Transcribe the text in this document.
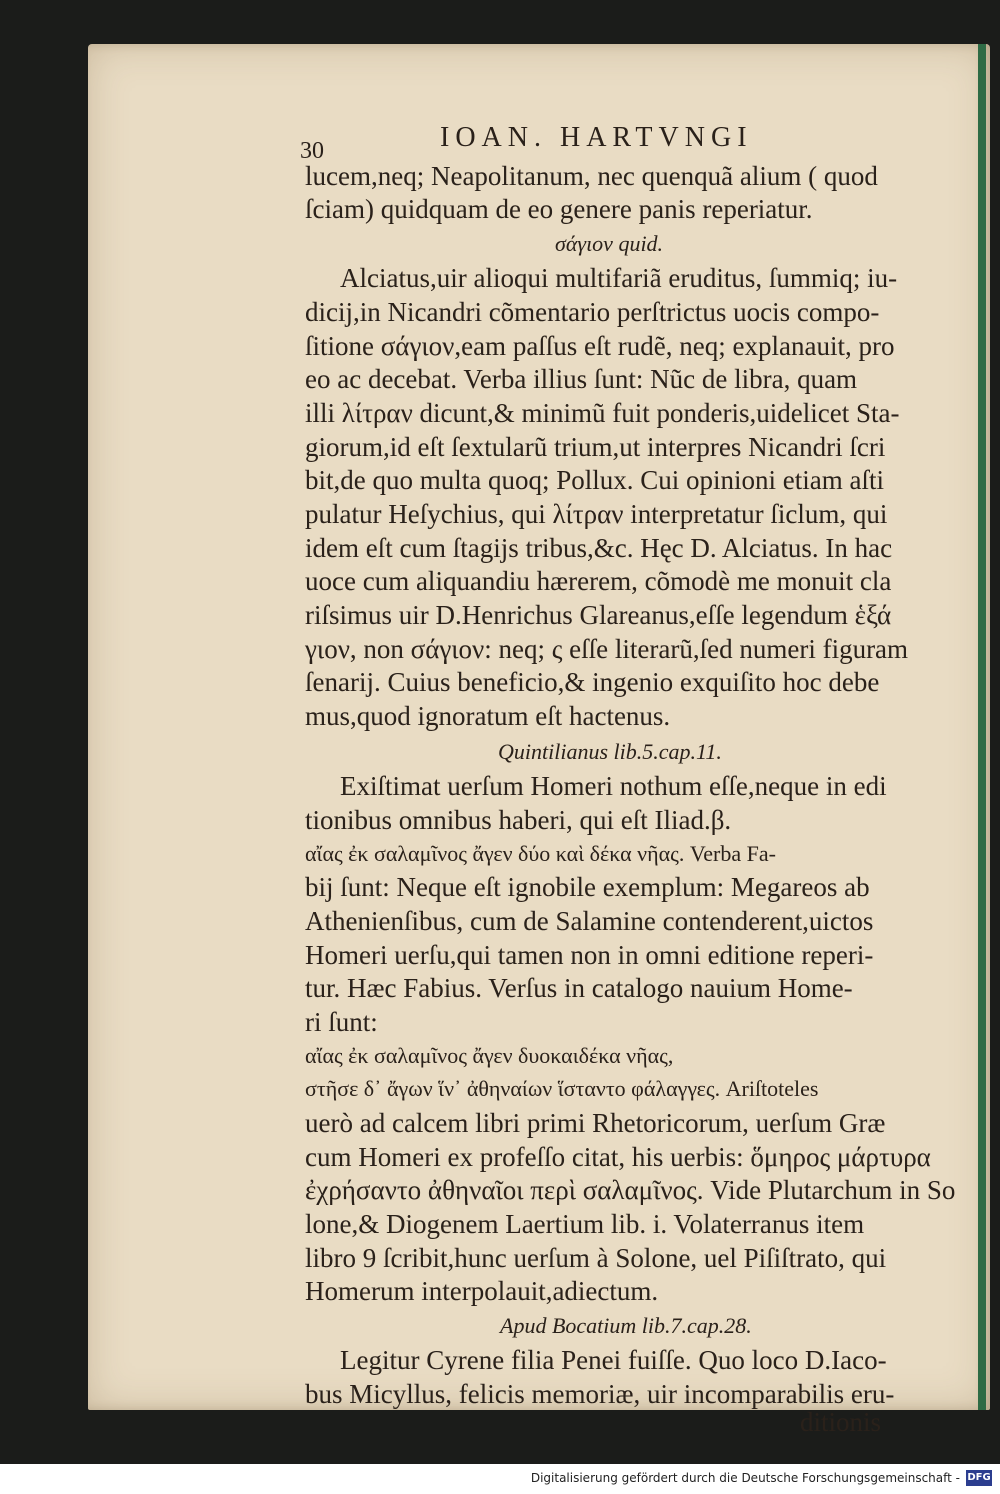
30	IOAN. HARTVNGI
lucem,neq; Neapolitanum, nec quenquã alium ( quod
ſciam) quidquam de eo genere panis reperiatur.
σάγιον quid.
Alciatus,uir alioqui multifariã eruditus, ſummiq; iu-
dicij,in Nicandri cõmentario perſtrictus uocis compo-
ſitione σάγιον,eam paſſus eſt rudẽ, neq; explanauit, pro
eo ac decebat. Verba illius ſunt: Nũc de libra, quam
illi λίτραν dicunt,& minimũ fuit ponderis,uidelicet Sta-
giorum,id eſt ſextularũ trium,ut interpres Nicandri ſcri
bit,de quo multa quoq; Pollux. Cui opinioni etiam aſti
pulatur Heſychius, qui λίτραν interpretatur ſiclum, qui
idem eſt cum ſtagijs tribus,&c. Hęc D. Alciatus. In hac
uoce cum aliquandiu hærerem, cõmodè me monuit cla
riſsimus uir D.Henrichus Glareanus,eſſe legendum ἑξά
γιον, non σάγιον: neq; ς eſſe literarũ,ſed numeri figuram
ſenarij. Cuius beneficio,& ingenio exquiſito hoc debe
mus,quod ignoratum eſt hactenus.
Quintilianus lib.5.cap.11.
Exiſtimat uerſum Homeri nothum eſſe,neque in edi
tionibus omnibus haberi, qui eſt Iliad.β.
αἴας ἐκ σαλαμῖνος ἄγεν δύο καὶ δέκα νῆας. Verba Fa-
bij ſunt: Neque eſt ignobile exemplum: Megareos ab
Athenienſibus, cum de Salamine contenderent,uictos
Homeri uerſu,qui tamen non in omni editione reperi-
tur. Hæc Fabius. Verſus in catalogo nauium Home-
ri ſunt:
αἴας ἐκ σαλαμῖνος ἄγεν δυοκαιδέκα νῆας,
στῆσε δ᾽ ἄγων ἵν᾽ ἀθηναίων ἵσταντο φάλαγγες. Ariſtoteles
uerò ad calcem libri primi Rhetoricorum, uerſum Græ
cum Homeri ex profeſſo citat, his uerbis: ὅμηρος μάρτυρα
ἐχρήσαντο ἀθηναῖοι περὶ σαλαμῖνος. Vide Plutarchum in So
lone,& Diogenem Laertium lib. i. Volaterranus item
libro 9 ſcribit,hunc uerſum à Solone, uel Piſiſtrato, qui
Homerum interpolauit,adiectum.
Apud Bocatium lib.7.cap.28.
Legitur Cyrene filia Penei fuiſſe. Quo loco D.Iaco-
bus Micyllus, felicis memoriæ, uir incomparabilis eru-
ditionis
Digitalisierung gefördert durch die Deutsche Forschungsgemeinschaft - DFG
